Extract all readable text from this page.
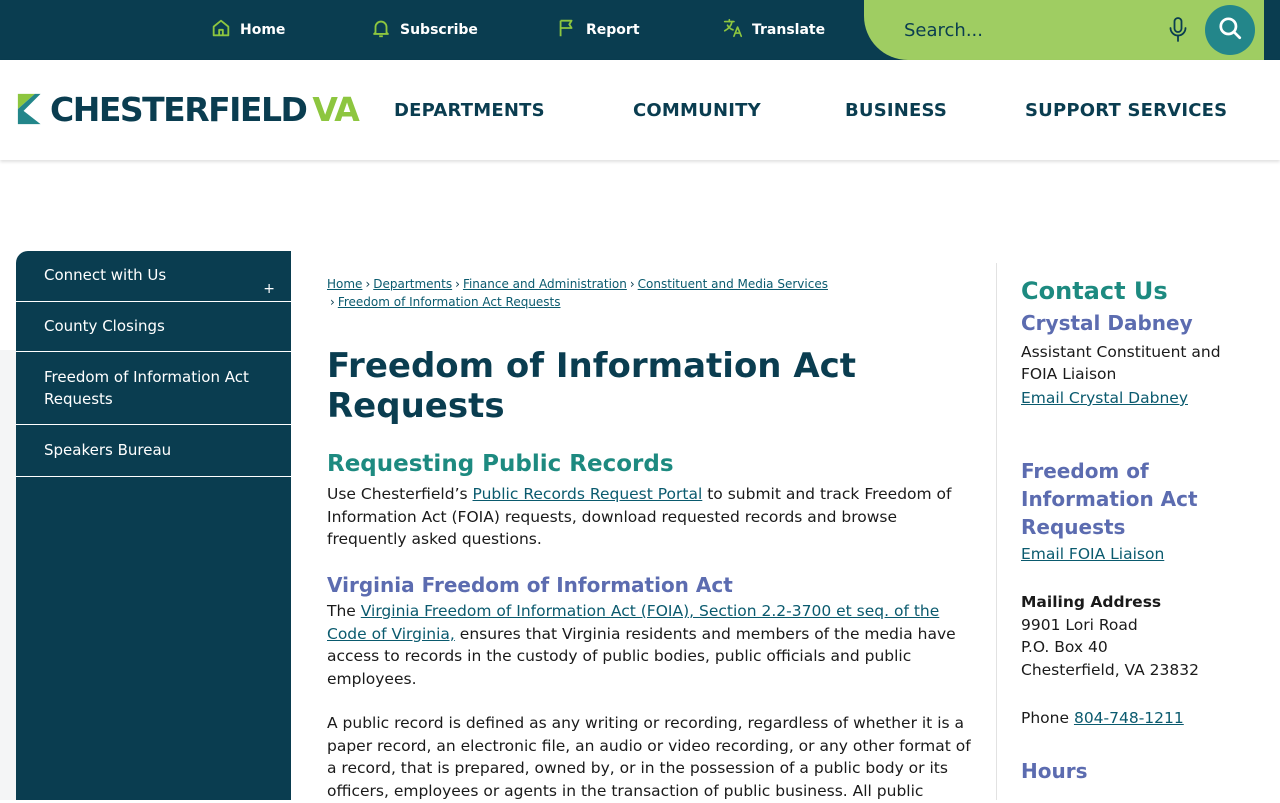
Home	Subscribe	Report	Translate
Search...
CHESTERFIELD VA DEPARTMENTS	COMMUNITY	BUSINESS	SUPPORT SERVICES
Connect with Us
+
County Closings
Freedom of Information Act Requests
Speakers Bureau
Home › Departments › Finance and Administration › Constituent and Media Services
› Freedom of Information Act Requests
Freedom of Information Act Requests
Requesting Public Records

Use Chesterfield’s Public Records Request Portal to submit and track Freedom of Information Act (FOIA) requests, download requested records and browse frequently asked questions.

Virginia Freedom of Information Act

The Virginia Freedom of Information Act (FOIA), Section 2.2-3700 et seq. of the Code of Virginia, ensures that Virginia residents and members of the media have access to records in the custody of public bodies, public officials and public employees.

A public record is defined as any writing or recording, regardless of whether it is a paper record, an electronic file, an audio or video recording, or any other format of a record, that is prepared, owned by, or in the possession of a public body or its officers, employees or agents in the transaction of public business. All public

Contact Us
Crystal Dabney
Assistant Constituent and FOIA Liaison
Email Crystal Dabney
Freedom of Information Act Requests
Email FOIA Liaison
Mailing Address
9901 Lori Road
P.O. Box 40
Chesterfield, VA 23832
Phone 804-748-1211
Hours
